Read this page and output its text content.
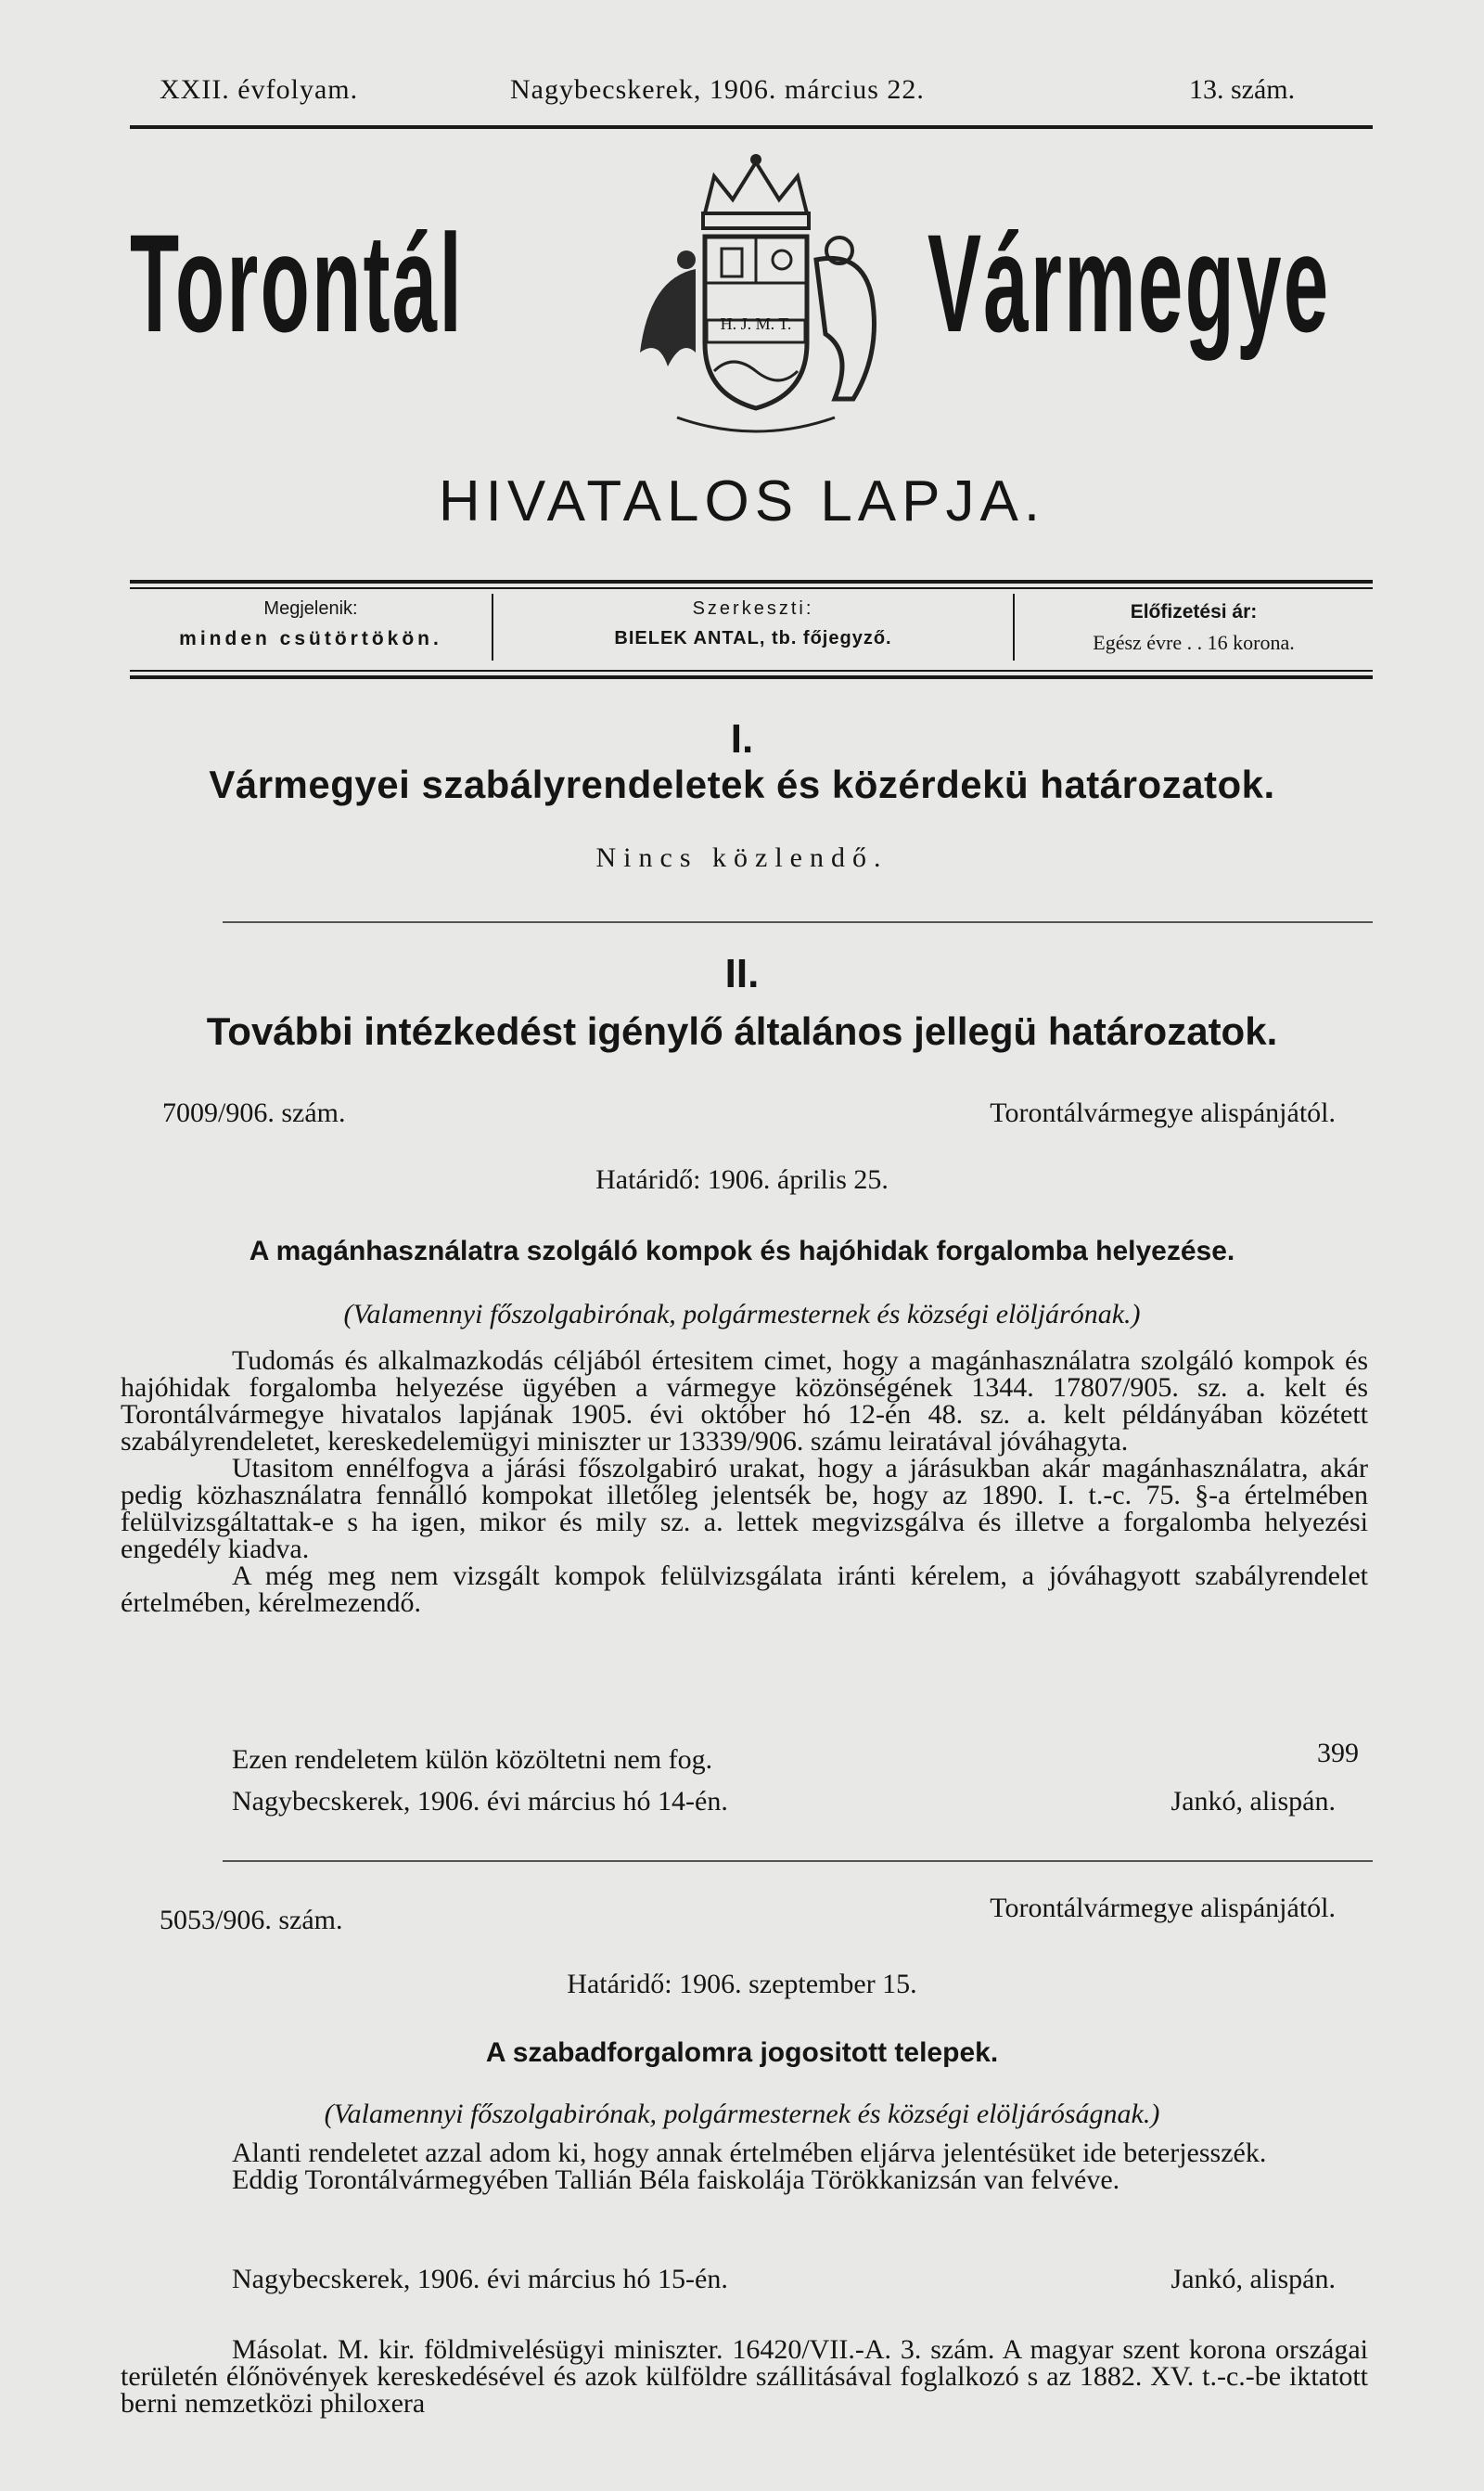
XXII. évfolyam.	Nagybecskerek, 1906. március 22.	13. szám.
Torontál	Vármegye
H. J. M. T.
HIVATALOS LAPJA.
Megjelenik:
minden csütörtökön.
Szerkeszti:
BIELEK ANTAL, tb. főjegyző.
Előfizetési ár:
Egész évre . . 16 korona.
I.
Vármegyei szabályrendeletek és közérdekü határozatok.
Nincs közlendő.
II.
További intézkedést igénylő általános jellegü határozatok.
7009/906. szám.	Torontálvármegye alispánjától.
Határidő: 1906. április 25.
A magánhasználatra szolgáló kompok és hajóhidak forgalomba helyezése.
(Valamennyi főszolgabirónak, polgármesternek és községi elöljárónak.)

Tudomás és alkalmazkodás céljából értesitem cimet, hogy a magánhasználatra szolgáló kompok és hajóhidak forgalomba helyezése ügyében a vármegye közönségének 1344. 17807/905. sz. a. kelt és Torontálvármegye hivatalos lapjának 1905. évi október hó 12-én 48. sz. a. kelt példányában közétett szabályrendeletet, kereskedelemügyi miniszter ur 13339/906. számu leiratával jóváhagyta.

Utasitom ennélfogva a járási főszolgabiró urakat, hogy a járásukban akár magánhasználatra, akár pedig közhasználatra fennálló kompokat illetőleg jelentsék be, hogy az 1890. I. t.-c. 75. §-a értelmében felülvizsgáltattak-e s ha igen, mikor és mily sz. a. lettek megvizsgálva és illetve a forgalomba helyezési engedély kiadva.

A még meg nem vizsgált kompok felülvizsgálata iránti kérelem, a jóváhagyott szabályrendelet értelmében, kérelmezendő.

Ezen rendeletem külön közöltetni nem fog.	399
Nagybecskerek, 1906. évi március hó 14-én.	Jankó, alispán.
5053/906. szám.	Torontálvármegye alispánjától.
Határidő: 1906. szeptember 15.
A szabadforgalomra jogositott telepek.
(Valamennyi főszolgabirónak, polgármesternek és községi elöljáróságnak.)

Alanti rendeletet azzal adom ki, hogy annak értelmében eljárva jelentésüket ide beterjesszék.

Eddig Torontálvármegyében Tallián Béla faiskolája Törökkanizsán van felvéve.

Nagybecskerek, 1906. évi március hó 15-én.	Jankó, alispán.

Másolat. M. kir. földmivelésügyi miniszter. 16420/VII.-A. 3. szám. A magyar szent korona országai területén élőnövények kereskedésével és azok külföldre szállitásával foglalkozó s az 1882. XV. t.-c.-be iktatott berni nemzetközi philoxera
